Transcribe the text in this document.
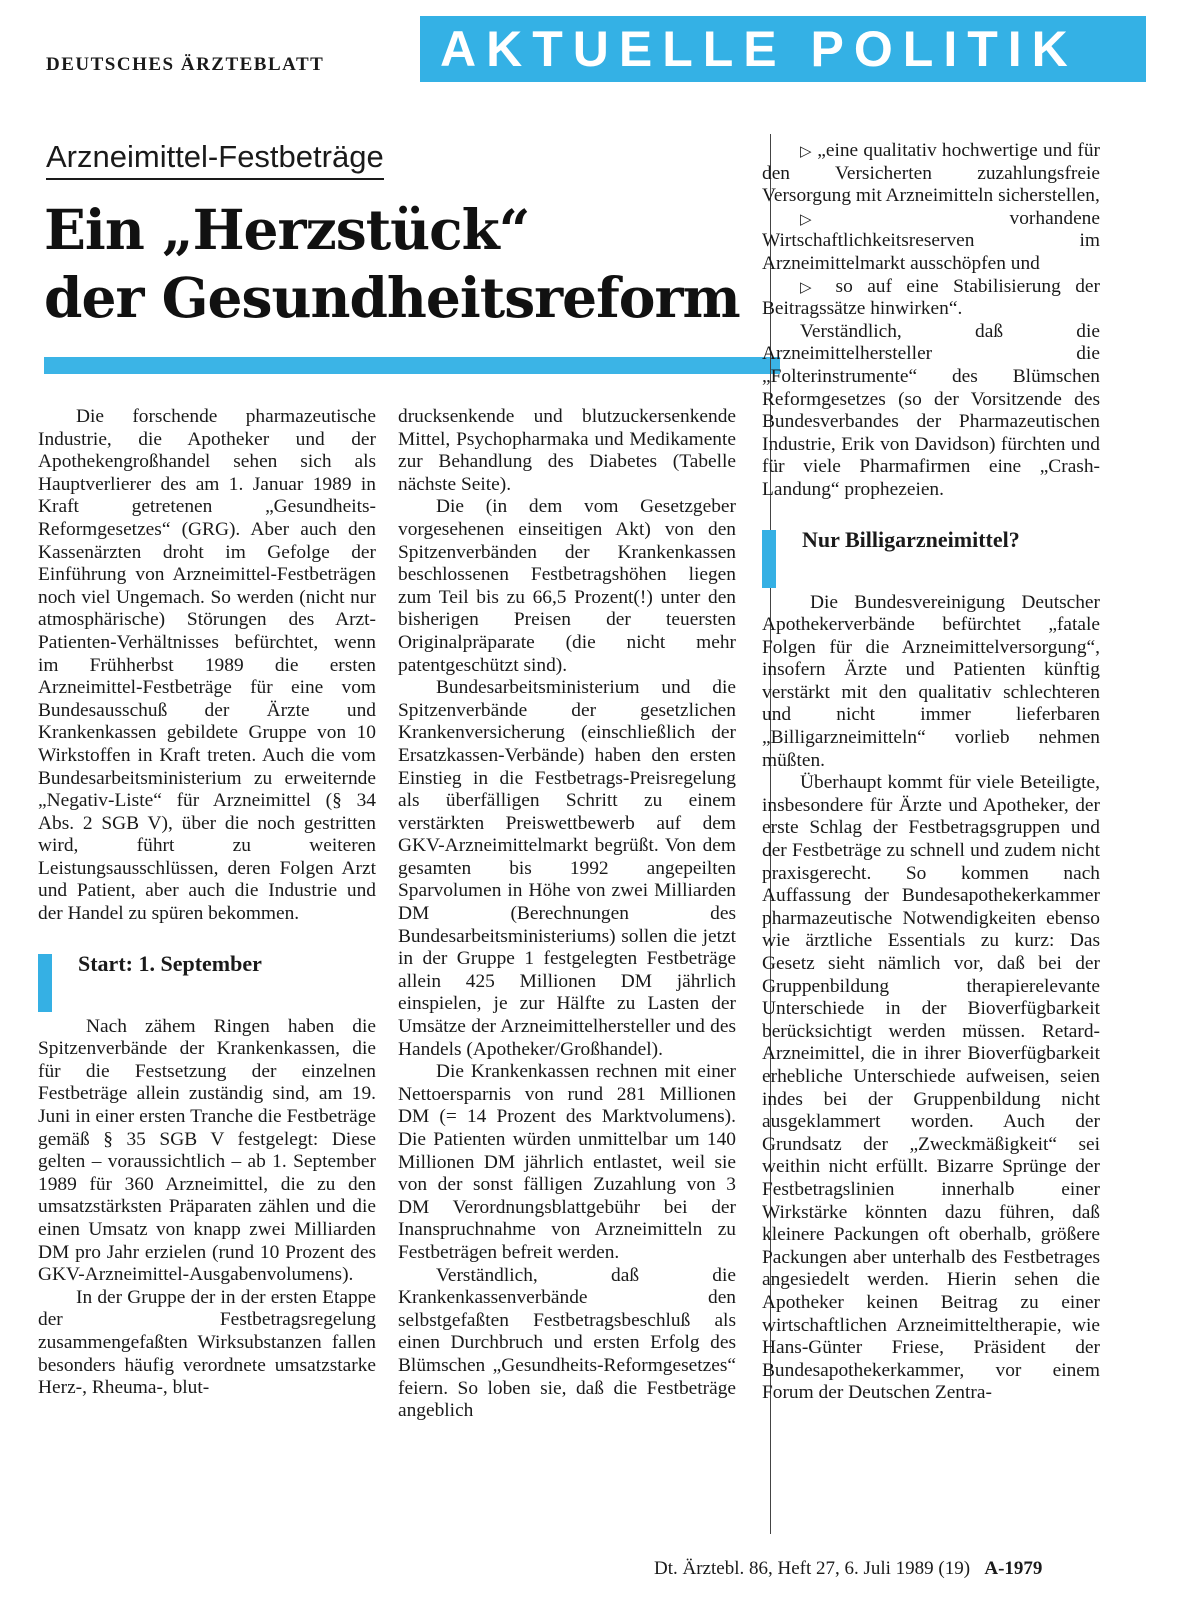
DEUTSCHES ÄRZTEBLATT AKTUELLE POLITIK
Arzneimittel-Festbeträge
Ein „Herzstück“
der Gesundheitsreform

Die forschende pharmazeutische Industrie, die Apotheker und der Apothekengroßhandel sehen sich als Hauptverlierer des am 1. Januar 1989 in Kraft getretenen „Gesundheits-Reformgesetzes“ (GRG). Aber auch den Kassenärzten droht im Gefolge der Einführung von Arzneimittel-Festbeträgen noch viel Ungemach. So werden (nicht nur atmosphärische) Störungen des Arzt-Patienten-Verhältnisses befürchtet, wenn im Frühherbst 1989 die ersten Arzneimittel-Festbeträge für eine vom Bundesausschuß der Ärzte und Krankenkassen gebildete Gruppe von 10 Wirkstoffen in Kraft treten. Auch die vom Bundesarbeitsministerium zu erweiternde „Negativ-Liste“ für Arzneimittel (§ 34 Abs. 2 SGB V), über die noch gestritten wird, führt zu weiteren Leistungsausschlüssen, deren Folgen Arzt und Patient, aber auch die Industrie und der Handel zu spüren bekommen.

Start: 1. September

Nach zähem Ringen haben die Spitzenverbände der Krankenkassen, die für die Festsetzung der einzelnen Festbeträge allein zuständig sind, am 19. Juni in einer ersten Tranche die Festbeträge gemäß § 35 SGB V festgelegt: Diese gelten – voraussichtlich – ab 1. September 1989 für 360 Arzneimittel, die zu den umsatzstärksten Präparaten zählen und die einen Umsatz von knapp zwei Milliarden DM pro Jahr erzielen (rund 10 Prozent des GKV-Arzneimittel-Ausgabenvolumens).

In der Gruppe der in der ersten Etappe der Festbetragsregelung zusammengefaßten Wirksubstanzen fallen besonders häufig verordnete umsatzstarke Herz-, Rheuma-, blut-

drucksenkende und blutzuckersenkende Mittel, Psychopharmaka und Medikamente zur Behandlung des Diabetes (Tabelle nächste Seite).

Die (in dem vom Gesetzgeber vorgesehenen einseitigen Akt) von den Spitzenverbänden der Krankenkassen beschlossenen Festbetragshöhen liegen zum Teil bis zu 66,5 Prozent(!) unter den bisherigen Preisen der teuersten Originalpräparate (die nicht mehr patentgeschützt sind).

Bundesarbeitsministerium und die Spitzenverbände der gesetzlichen Krankenversicherung (einschließlich der Ersatzkassen-Verbände) haben den ersten Einstieg in die Festbetrags-Preisregelung als überfälligen Schritt zu einem verstärkten Preiswettbewerb auf dem GKV-Arzneimittelmarkt begrüßt. Von dem gesamten bis 1992 angepeilten Sparvolumen in Höhe von zwei Milliarden DM (Berechnungen des Bundesarbeitsministeriums) sollen die jetzt in der Gruppe 1 festgelegten Festbeträge allein 425 Millionen DM jährlich einspielen, je zur Hälfte zu Lasten der Umsätze der Arzneimittelhersteller und des Handels (Apotheker/Großhandel).

Die Krankenkassen rechnen mit einer Nettoersparnis von rund 281 Millionen DM (= 14 Prozent des Marktvolumens). Die Patienten würden unmittelbar um 140 Millionen DM jährlich entlastet, weil sie von der sonst fälligen Zuzahlung von 3 DM Verordnungsblattgebühr bei der Inanspruchnahme von Arzneimitteln zu Festbeträgen befreit werden.

Verständlich, daß die Krankenkassenverbände den selbstgefaßten Festbetragsbeschluß als einen Durchbruch und ersten Erfolg des Blümschen „Gesundheits-Reformgesetzes“ feiern. So loben sie, daß die Festbeträge angeblich

▷ „eine qualitativ hochwertige und für den Versicherten zuzahlungsfreie Versorgung mit Arzneimitteln sicherstellen,

▷	vorhandene Wirtschaftlichkeitsreserven im Arzneimittelmarkt ausschöpfen und

▷ so auf eine Stabilisierung der Beitragssätze hinwirken“.

Verständlich, daß die Arzneimittelhersteller die „Folterinstrumente“ des Blümschen Reformgesetzes (so der Vorsitzende des Bundesverbandes der Pharmazeutischen Industrie, Erik von Davidson) fürchten und für viele Pharmafirmen eine „Crash-Landung“ prophezeien.

Nur Billigarzneimittel?

Die Bundesvereinigung Deutscher Apothekerverbände befürchtet „fatale Folgen für die Arzneimittelversorgung“, insofern Ärzte und Patienten künftig verstärkt mit den qualitativ schlechteren und nicht immer lieferbaren „Billigarzneimitteln“ vorlieb nehmen müßten.

Überhaupt kommt für viele Beteiligte, insbesondere für Ärzte und Apotheker, der erste Schlag der Festbetragsgruppen und der Festbeträge zu schnell und zudem nicht praxisgerecht. So kommen nach Auffassung der Bundesapothekerkammer pharmazeutische Notwendigkeiten ebenso wie ärztliche Essentials zu kurz: Das Gesetz sieht nämlich vor, daß bei der Gruppenbildung therapierelevante Unterschiede in der Bioverfügbarkeit berücksichtigt werden müssen. Retard-Arzneimittel, die in ihrer Bioverfügbarkeit erhebliche Unterschiede aufweisen, seien indes bei der Gruppenbildung nicht ausgeklammert worden. Auch der Grundsatz der „Zweckmäßigkeit“ sei weithin nicht erfüllt. Bizarre Sprünge der Festbetragslinien innerhalb einer Wirkstärke könnten dazu führen, daß kleinere Packungen oft oberhalb, größere Packungen aber unterhalb des Festbetrages angesiedelt werden. Hierin sehen die Apotheker keinen Beitrag zu einer wirtschaftlichen Arzneimitteltherapie, wie Hans-Günter Friese, Präsident der Bundesapothekerkammer, vor einem Forum der Deutschen Zentra-

Dt. Ärztebl. 86, Heft 27, 6. Juli 1989 (19) A-1979
